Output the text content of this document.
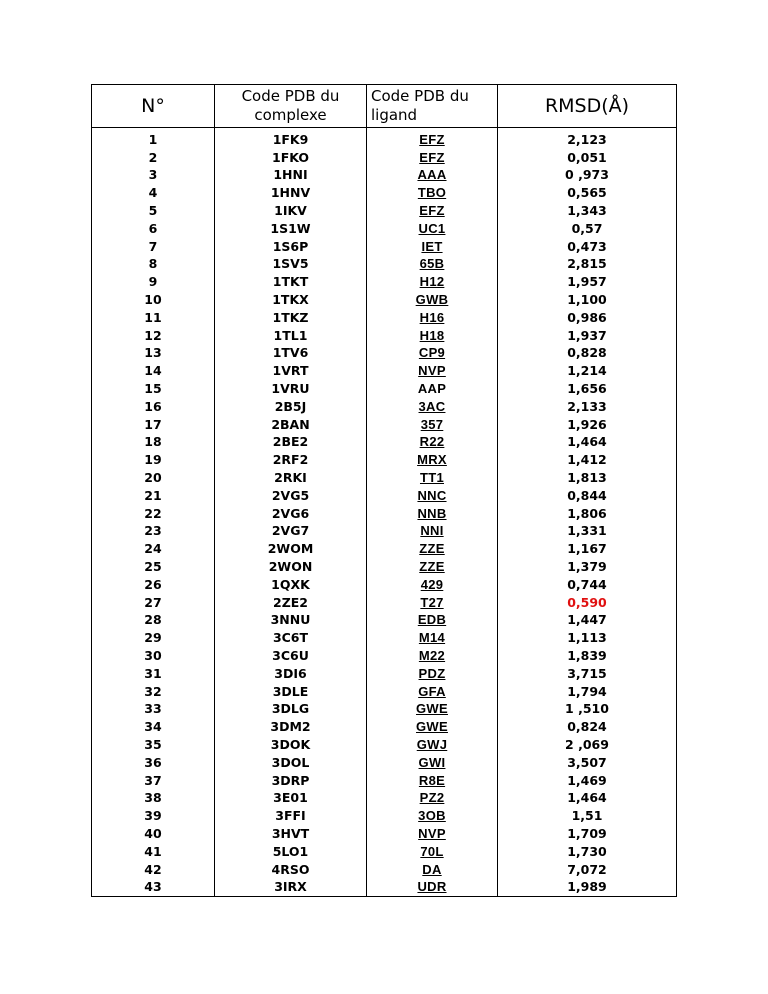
N°	Code PDB du complexe	Code PDB du ligand	RMSD(Å)
1	1FK9	EFZ	2,123
2	1FKO	EFZ	0,051
3	1HNI	AAA	0 ,973
4	1HNV	TBO	0,565
5	1IKV	EFZ	1,343
6	1S1W	UC1	0,57
7	1S6P	IET	0,473
8	1SV5	65B	2,815
9	1TKT	H12	1,957
10	1TKX	GWB	1,100
11	1TKZ	H16	0,986
12	1TL1	H18	1,937
13	1TV6	CP9	0,828
14	1VRT	NVP	1,214
15	1VRU	AAP	1,656
16	2B5J	3AC	2,133
17	2BAN	357	1,926
18	2BE2	R22	1,464
19	2RF2	MRX	1,412
20	2RKI	TT1	1,813
21	2VG5	NNC	0,844
22	2VG6	NNB	1,806
23	2VG7	NNI	1,331
24	2WOM	ZZE	1,167
25	2WON	ZZE	1,379
26	1QXK	429	0,744
27	2ZE2	T27	0,590
28	3NNU	EDB	1,447
29	3C6T	M14	1,113
30	3C6U	M22	1,839
31	3DI6	PDZ	3,715
32	3DLE	GFA	1,794
33	3DLG	GWE	1 ,510
34	3DM2	GWE	0,824
35	3DOK	GWJ	2 ,069
36	3DOL	GWI	3,507
37	3DRP	R8E	1,469
38	3E01	PZ2	1,464
39	3FFI	3OB	1,51
40	3HVT	NVP	1,709
41	5LO1	70L	1,730
42	4RSO	DA	7,072
43	3IRX	UDR	1,989
